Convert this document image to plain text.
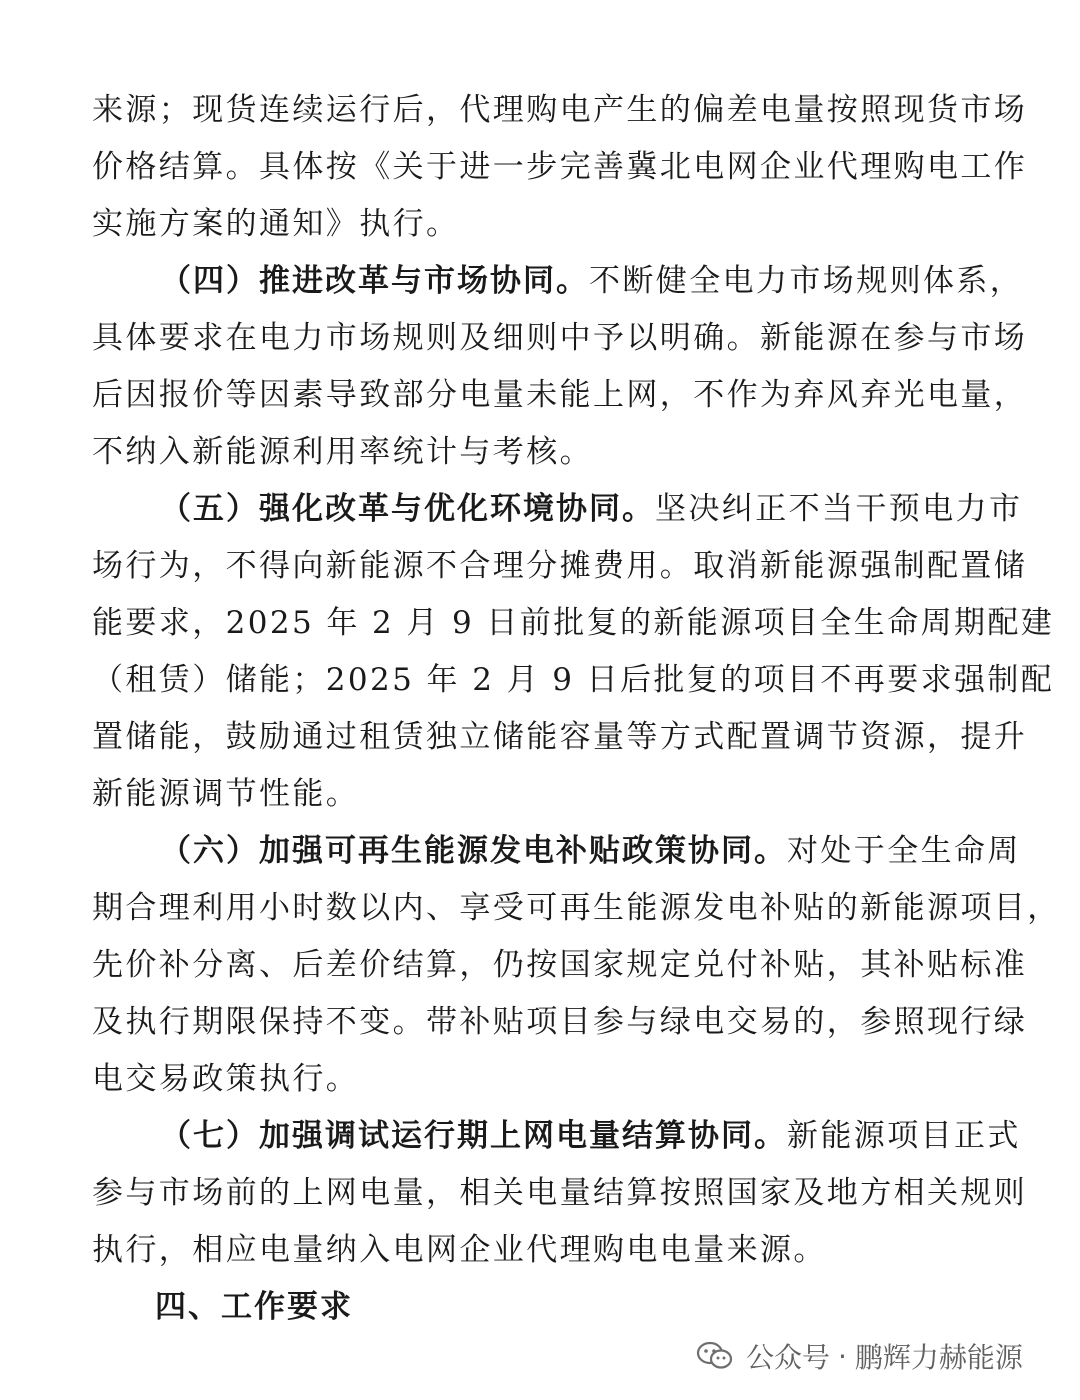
来源；现货连续运行后，代理购电产生的偏差电量按照现货市场
价格结算。具体按《关于进一步完善冀北电网企业代理购电工作
实施方案的通知》执行。
（四）推进改革与市场协同。不断健全电力市场规则体系，
具体要求在电力市场规则及细则中予以明确。新能源在参与市场
后因报价等因素导致部分电量未能上网，不作为弃风弃光电量，
不纳入新能源利用率统计与考核。
（五）强化改革与优化环境协同。坚决纠正不当干预电力市
场行为，不得向新能源不合理分摊费用。取消新能源强制配置储
能要求，2025 年 2 月 9 日前批复的新能源项目全生命周期配建
（租赁）储能；2025 年 2 月 9 日后批复的项目不再要求强制配
置储能，鼓励通过租赁独立储能容量等方式配置调节资源，提升
新能源调节性能。
（六）加强可再生能源发电补贴政策协同。对处于全生命周
期合理利用小时数以内、享受可再生能源发电补贴的新能源项目，
先价补分离、后差价结算，仍按国家规定兑付补贴，其补贴标准
及执行期限保持不变。带补贴项目参与绿电交易的，参照现行绿
电交易政策执行。
（七）加强调试运行期上网电量结算协同。新能源项目正式
参与市场前的上网电量，相关电量结算按照国家及地方相关规则
执行，相应电量纳入电网企业代理购电电量来源。
四、工作要求
公众号 · 鹏辉力赫能源
